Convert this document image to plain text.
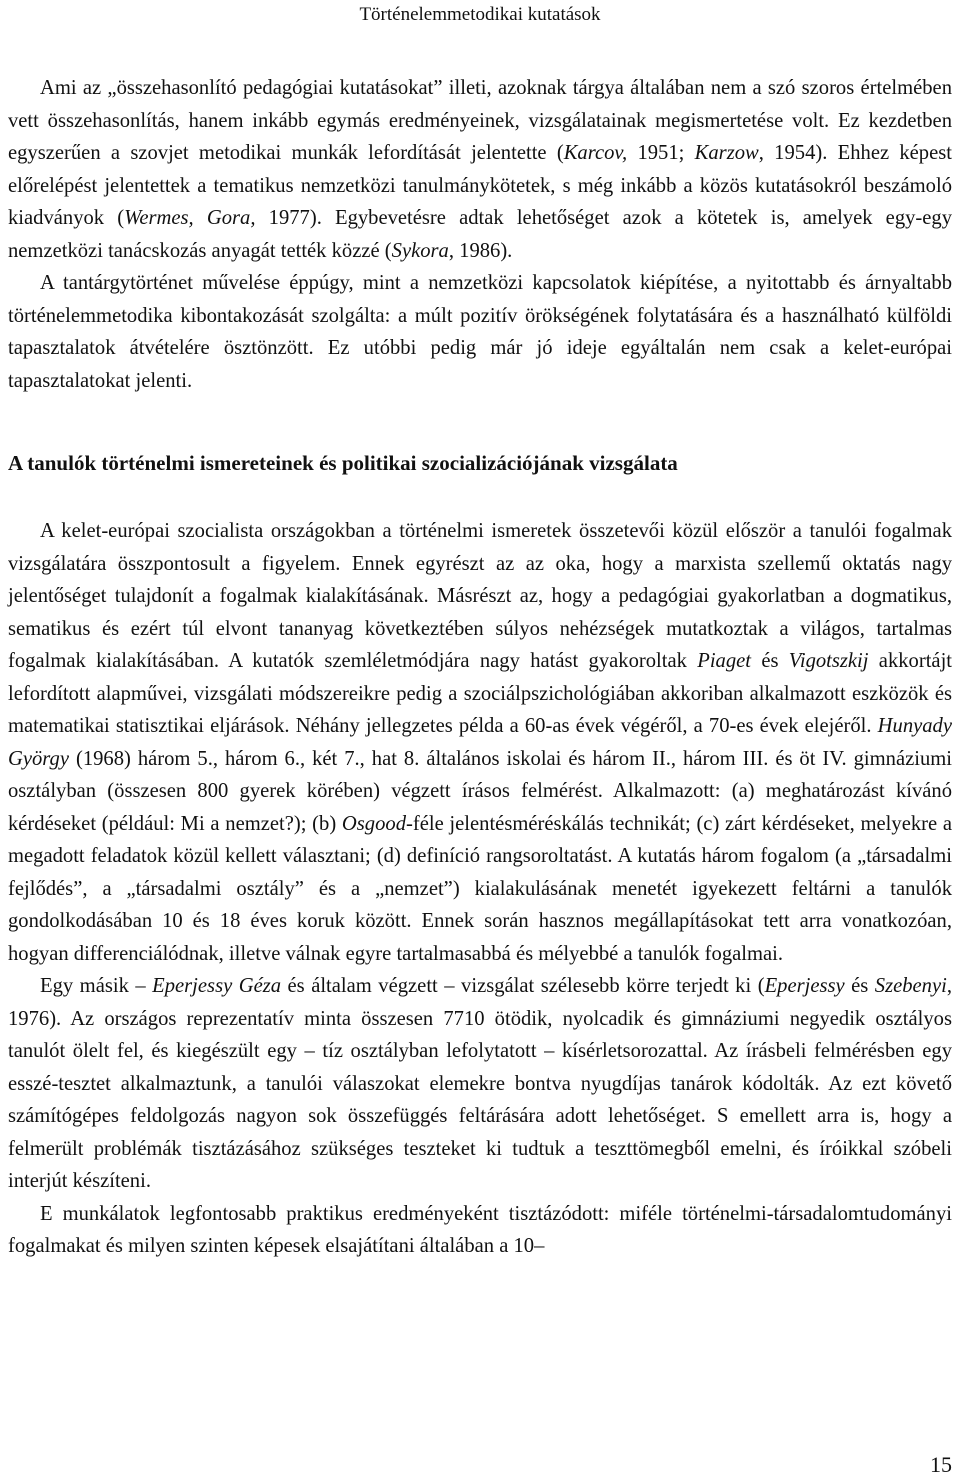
Történelemmetodikai kutatások

Ami az „összehasonlító pedagógiai kutatásokat” illeti, azoknak tárgya általában nem a szó szoros értelmében vett összehasonlítás, hanem inkább egymás eredményeinek, vizsgálatainak megismertetése volt. Ez kezdetben egyszerűen a szovjet metodikai munkák lefordítását jelentette (Karcov, 1951; Karzow, 1954). Ehhez képest előrelépést jelentettek a tematikus nemzetközi tanulmánykötetek, s még inkább a közös kutatásokról beszámoló kiadványok (Wermes, Gora, 1977). Egybevetésre adtak lehetőséget azok a kötetek is, amelyek egy-egy nemzetközi tanácskozás anyagát tették közzé (Sykora, 1986).

A tantárgytörténet művelése éppúgy, mint a nemzetközi kapcsolatok kiépítése, a nyitottabb és árnyaltabb történelemmetodika kibontakozását szolgálta: a múlt pozitív örökségének folytatására és a használható külföldi tapasztalatok átvételére ösztönzött. Ez utóbbi pedig már jó ideje egyáltalán nem csak a kelet-európai tapasztalatokat jelenti.

A tanulók történelmi ismereteinek és politikai szocializációjának vizsgálata

A kelet-európai szocialista országokban a történelmi ismeretek összetevői közül először a tanulói fogalmak vizsgálatára összpontosult a figyelem. Ennek egyrészt az az oka, hogy a marxista szellemű oktatás nagy jelentőséget tulajdonít a fogalmak kialakításának. Másrészt az, hogy a pedagógiai gyakorlatban a dogmatikus, sematikus és ezért túl elvont tananyag következtében súlyos nehézségek mutatkoztak a világos, tartalmas fogalmak kialakításában. A kutatók szemléletmódjára nagy hatást gyakoroltak Piaget és Vigotszkij akkortájt lefordított alapművei, vizsgálati módszereikre pedig a szociálpszichológiában akkoriban alkalmazott eszközök és matematikai statisztikai eljárások. Néhány jellegzetes példa a 60-as évek végéről, a 70-es évek elejéről. Hunyady György (1968) három 5., három 6., két 7., hat 8. általános iskolai és három II., három III. és öt IV. gimnáziumi osztályban (összesen 800 gyerek körében) végzett írásos felmérést. Alkalmazott: (a) meghatározást kívánó kérdéseket (például: Mi a nemzet?); (b) Osgood-féle jelentésméréskálás technikát; (c) zárt kérdéseket, melyekre a megadott feladatok közül kellett választani; (d) definíció rangsoroltatást. A kutatás három fogalom (a „társadalmi fejlődés”, a „társadalmi osztály” és a „nemzet”) kialakulásának menetét igyekezett feltárni a tanulók gondolkodásában 10 és 18 éves koruk között. Ennek során hasznos megállapításokat tett arra vonatkozóan, hogyan differenciálódnak, illetve válnak egyre tartalmasabbá és mélyebbé a tanulók fogalmai.

Egy másik – Eperjessy Géza és általam végzett – vizsgálat szélesebb körre terjedt ki (Eperjessy és Szebenyi, 1976). Az országos reprezentatív minta összesen 7710 ötödik, nyolcadik és gimnáziumi negyedik osztályos tanulót ölelt fel, és kiegészült egy – tíz osztályban lefolytatott – kísérletsorozattal. Az írásbeli felmérésben egy esszé-tesztet alkalmaztunk, a tanulói válaszokat elemekre bontva nyugdíjas tanárok kódolták. Az ezt követő számítógépes feldolgozás nagyon sok összefüggés feltárására adott lehetőséget. S emellett arra is, hogy a felmerült problémák tisztázásához szükséges teszteket ki tudtuk a teszttömegből emelni, és íróikkal szóbeli interjút készíteni.

E munkálatok legfontosabb praktikus eredményeként tisztázódott: miféle történelmi-társadalomtudományi fogalmakat és milyen szinten képesek elsajátítani általában a 10–

15
